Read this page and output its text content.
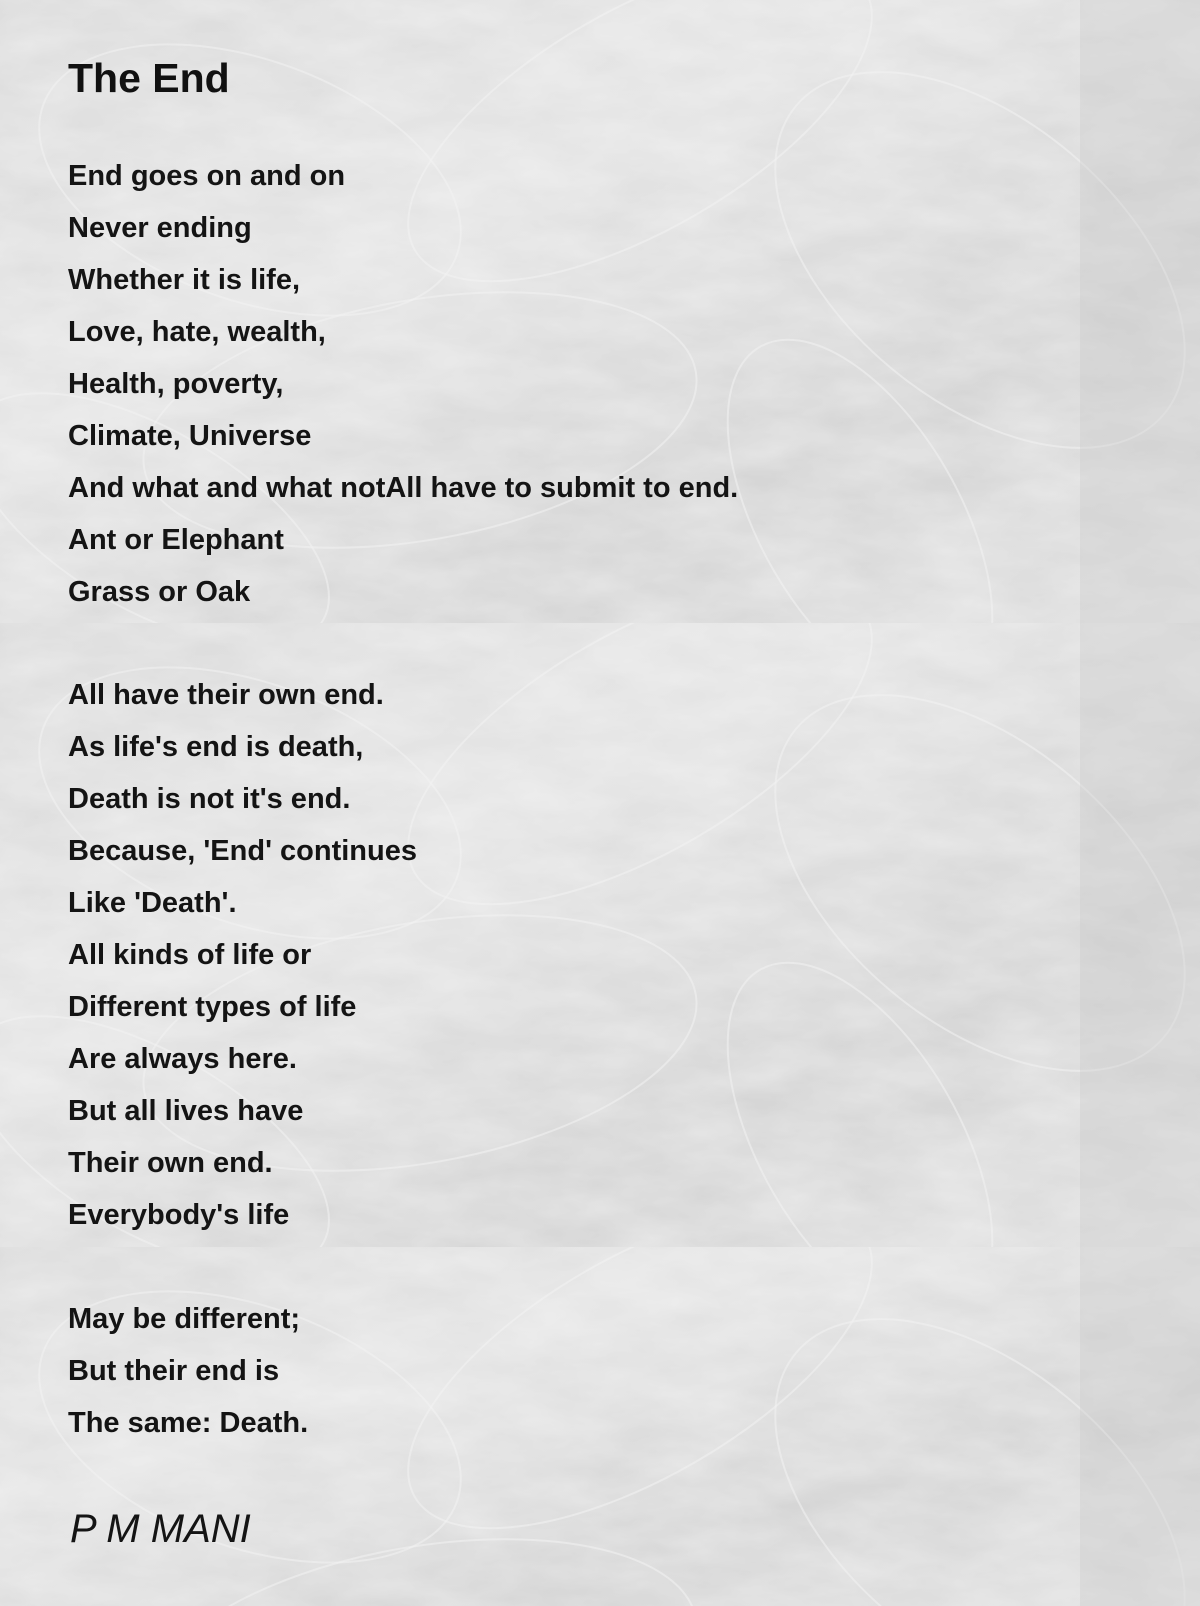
The End
End goes on and on
Never ending
Whether it is life,
Love, hate, wealth,
Health, poverty,
Climate, Universe
And what and what notAll have to submit to end.
Ant or Elephant
Grass or Oak
All have their own end.
As life's end is death,
Death is not it's end.
Because, 'End' continues
Like 'Death'.
All kinds of life or
Different types of life
Are always here.
But all lives have
Their own end.
Everybody's life
May be different;
But their end is
The same: Death.

P M MANI
